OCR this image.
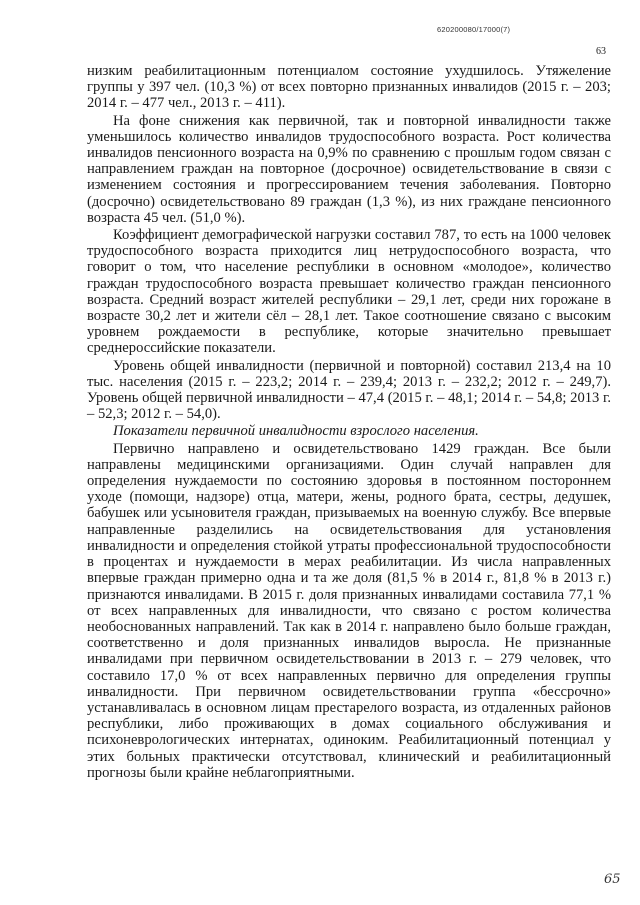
620200080/17000(7)
63

низким реабилитационным потенциалом состояние ухудшилось. Утяжеление группы у 397 чел. (10,3 %) от всех повторно признанных инвалидов (2015 г. – 203; 2014 г. – 477 чел., 2013 г. – 411).

На фоне снижения как первичной, так и повторной инвалидности также уменьшилось количество инвалидов трудоспособного возраста. Рост количества инвалидов пенсионного возраста на 0,9% по сравнению с прошлым годом связан с направлением граждан на повторное (досрочное) освидетельствование в связи с изменением состояния и прогрессированием течения заболевания. Повторно (досрочно) освидетельствовано 89 граждан (1,3 %), из них граждане пенсионного возраста 45 чел. (51,0 %).

Коэффициент демографической нагрузки составил 787, то есть на 1000 человек трудоспособного возраста приходится лиц нетрудоспособного возраста, что говорит о том, что население республики в основном «молодое», количество граждан трудоспособного возраста превышает количество граждан пенсионного возраста. Средний возраст жителей республики – 29,1 лет, среди них горожане в возрасте 30,2 лет и жители сёл – 28,1 лет. Такое соотношение связано с высоким уровнем рождаемости в республике, которые значительно превышает среднероссийские показатели.

Уровень общей инвалидности (первичной и повторной) составил 213,4 на 10 тыс. населения (2015 г. – 223,2; 2014 г. – 239,4; 2013 г. – 232,2; 2012 г. – 249,7). Уровень общей первичной инвалидности – 47,4 (2015 г. – 48,1; 2014 г. – 54,8; 2013 г. – 52,3; 2012 г. – 54,0).

Показатели первичной инвалидности взрослого населения.

Первично направлено и освидетельствовано 1429 граждан. Все были направлены медицинскими организациями. Один случай направлен для определения нуждаемости по состоянию здоровья в постоянном постороннем уходе (помощи, надзоре) отца, матери, жены, родного брата, сестры, дедушек, бабушек или усыновителя граждан, призываемых на военную службу. Все впервые направленные разделились на освидетельствования для установления инвалидности и определения стойкой утраты профессиональной трудоспособности в процентах и нуждаемости в мерах реабилитации. Из числа направленных впервые граждан примерно одна и та же доля (81,5 % в 2014 г., 81,8 % в 2013 г.) признаются инвалидами. В 2015 г. доля признанных инвалидами составила 77,1 % от всех направленных для инвалидности, что связано с ростом количества необоснованных направлений. Так как в 2014 г. направлено было больше граждан, соответственно и доля признанных инвалидов выросла. Не признанные инвалидами при первичном освидетельствовании в 2013 г. – 279 человек, что составило 17,0 % от всех направленных первично для определения группы инвалидности. При первичном освидетельствовании группа «бессрочно» устанавливалась в основном лицам престарелого возраста, из отдаленных районов республики, либо проживающих в домах социального обслуживания и психоневрологических интернатах, одиноким. Реабилитационный потенциал у этих больных практически отсутствовал, клинический и реабилитационный прогнозы были крайне неблагоприятными.

65
